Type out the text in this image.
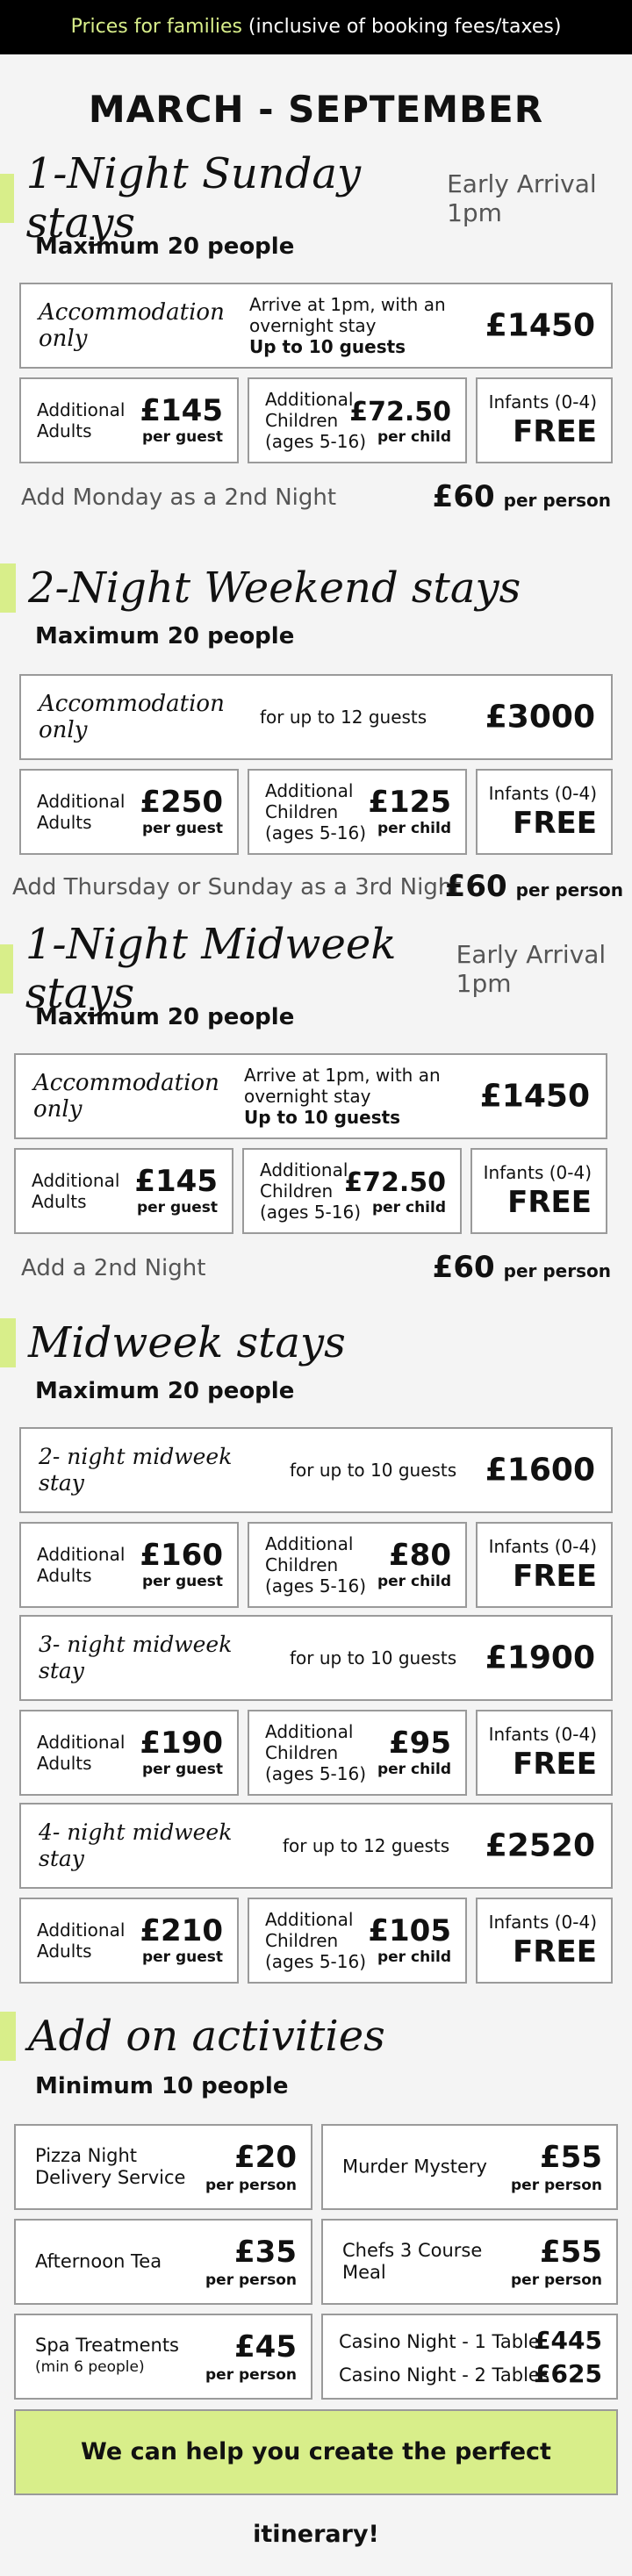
Prices for families (inclusive of booking fees/taxes)
MARCH - SEPTEMBER
1-Night Sunday stays
Early Arrival 1pm
Maximum 20 people
Accommodation only
Arrive at 1pm, with an
overnight stay
Up to 10 guests
£1450
Additional
Adults
£145
per guest
Additional
Children
(ages 5-16)
£72.50
per child
Infants (0-4)
FREE
Add Monday as a 2nd Night	£60 per person
2-Night Weekend stays
Maximum 20 people
Accommodation only	for up to 12 guests £3000
Additional
Adults
£250
per guest
Additional
Children
(ages 5-16)
£125
per child
Infants (0-4)
FREE
Add Thursday or Sunday as a 3rd Night
£60 per person
1-Night Midweek stays
Early Arrival 1pm
Maximum 20 people
Accommodation only
Arrive at 1pm, with an
overnight stay
Up to 10 guests
£1450
Additional
Adults
£145
per guest
Additional
Children
(ages 5-16)
£72.50
per child
Infants (0-4)
FREE
Add a 2nd Night	£60 per person
Midweek stays
Maximum 20 people
2- night midweek stay	for up to 10 guests £1600
Additional
Adults
£160
per guest
Additional
Children
(ages 5-16)
£80
per child
Infants (0-4)
FREE
3- night midweek stay	for up to 10 guests £1900
Additional
Adults
£190
per guest
Additional
Children
(ages 5-16)
£95
per child
Infants (0-4)
FREE
4- night midweek stay	for up to 12 guests £2520
Additional
Adults
£210
per guest
Additional
Children
(ages 5-16)
£105
per child
Infants (0-4)
FREE
Add on activities
Minimum 10 people
Pizza Night
Delivery Service
£20
per person
Murder Mystery £55
per person
Afternoon Tea £35
per person
Chefs 3 Course
Meal
£55
per person
Spa Treatments
(min 6 people)
£45
per person
Casino Night - 1 Table
£445
Casino Night - 2 Tables
£625
We can help you create the perfect itinerary!
